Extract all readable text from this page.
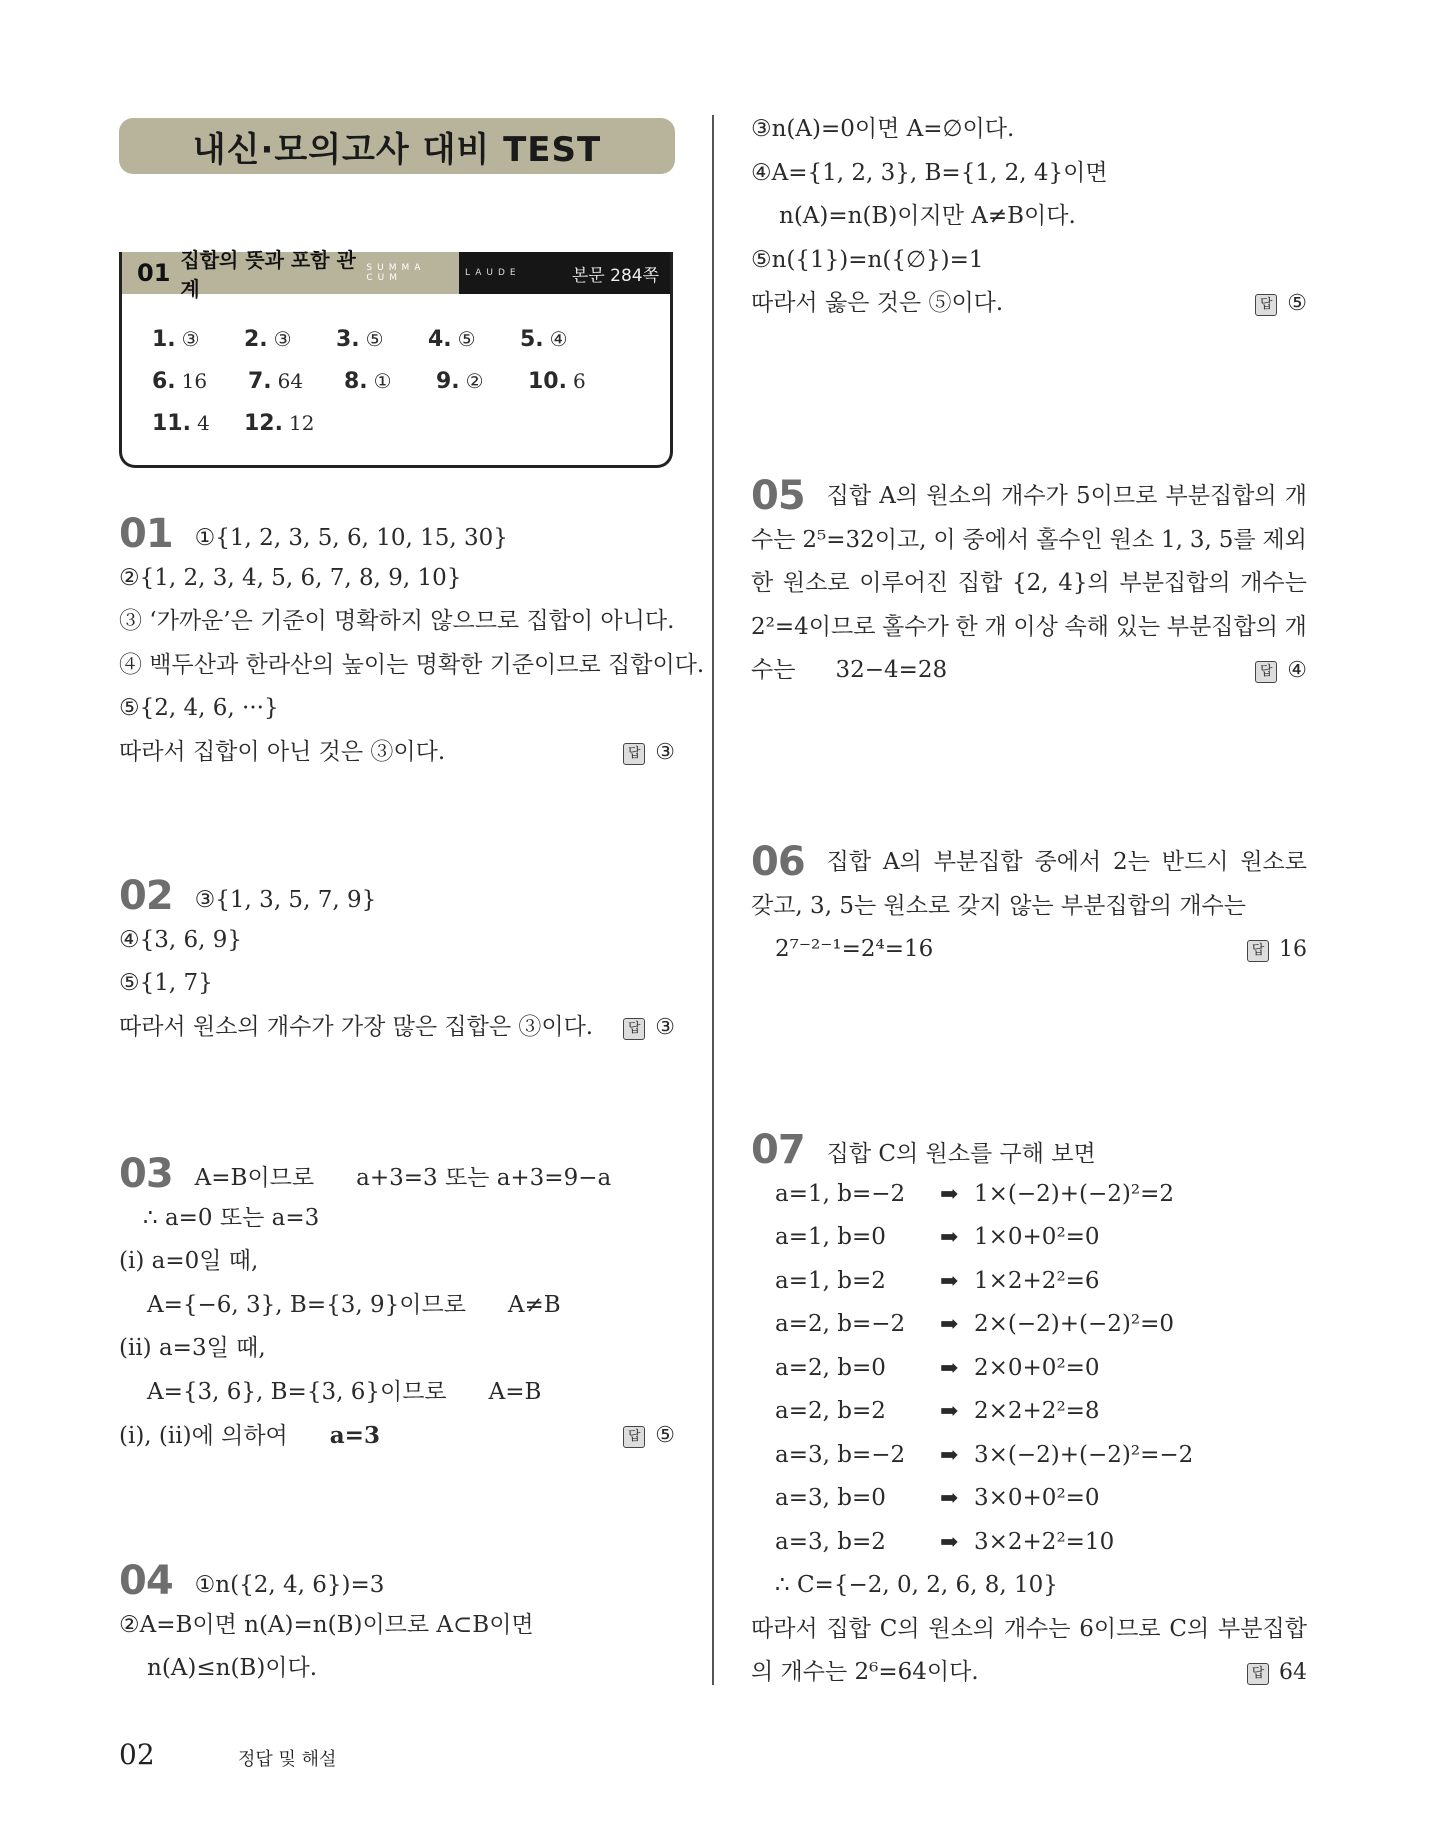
내신·모의고사 대비 TEST
01 집합의 뜻과 포함 관계
SUMMA CUM	LAUDE	본문 284쪽
1. ③ 2. ③ 3. ⑤ 4. ⑤ 5. ④
6. 16 7. 64 8. ① 9. ② 10. 6
11. 4 12. 12
01 ①{1, 2, 3, 5, 6, 10, 15, 30}
②{1, 2, 3, 4, 5, 6, 7, 8, 9, 10}
③ ‘가까운’은 기준이 명확하지 않으므로 집합이 아니다.
④ 백두산과 한라산의 높이는 명확한 기준이므로 집합이다.
⑤{2, 4, 6, ···}
따라서 집합이 아닌 것은 ③이다.	답 ③
02 ③{1, 3, 5, 7, 9}
④{3, 6, 9}
⑤{1, 7}
따라서 원소의 개수가 가장 많은 집합은 ③이다.	답 ③
03 A=B이므로 a+3=3 또는 a+3=9−a
∴ a=0 또는 a=3
(i) a=0일 때,
A={−6, 3}, B={3, 9}이므로 A≠B
(ii) a=3일 때,
A={3, 6}, B={3, 6}이므로 A=B
(i), (ii)에 의하여 a=3	답 ⑤
04 ①n({2, 4, 6})=3
②A=B이면 n(A)=n(B)이므로 A⊂B이면
n(A)≤n(B)이다.
③n(A)=0이면 A=∅이다.
④A={1, 2, 3}, B={1, 2, 4}이면
n(A)=n(B)이지만 A≠B이다.
⑤n({1})=n({∅})=1
따라서 옳은 것은 ⑤이다.	답 ⑤
05 집합 A의 원소의 개수가 5이므로 부분집합의 개
수는 2⁵=32이고, 이 중에서 홀수인 원소 1, 3, 5를 제외
한 원소로 이루어진 집합 {2, 4}의 부분집합의 개수는
2²=4이므로 홀수가 한 개 이상 속해 있는 부분집합의 개
수는 32−4=28	답 ④
06 집합 A의 부분집합 중에서 2는 반드시 원소로
갖고, 3, 5는 원소로 갖지 않는 부분집합의 개수는
2⁷⁻²⁻¹=2⁴=16	답 16
07 집합 C의 원소를 구해 보면
a=1, b=−2	➡ 1×(−2)+(−2)²=2
a=1, b=0	➡ 1×0+0²=0
a=1, b=2	➡ 1×2+2²=6
a=2, b=−2	➡ 2×(−2)+(−2)²=0
a=2, b=0	➡ 2×0+0²=0
a=2, b=2	➡ 2×2+2²=8
a=3, b=−2	➡ 3×(−2)+(−2)²=−2
a=3, b=0	➡ 3×0+0²=0
a=3, b=2	➡ 3×2+2²=10
∴ C={−2, 0, 2, 6, 8, 10}
따라서 집합 C의 원소의 개수는 6이므로 C의 부분집합
의 개수는 2⁶=64이다.	답 64
02	정답 및 해설
